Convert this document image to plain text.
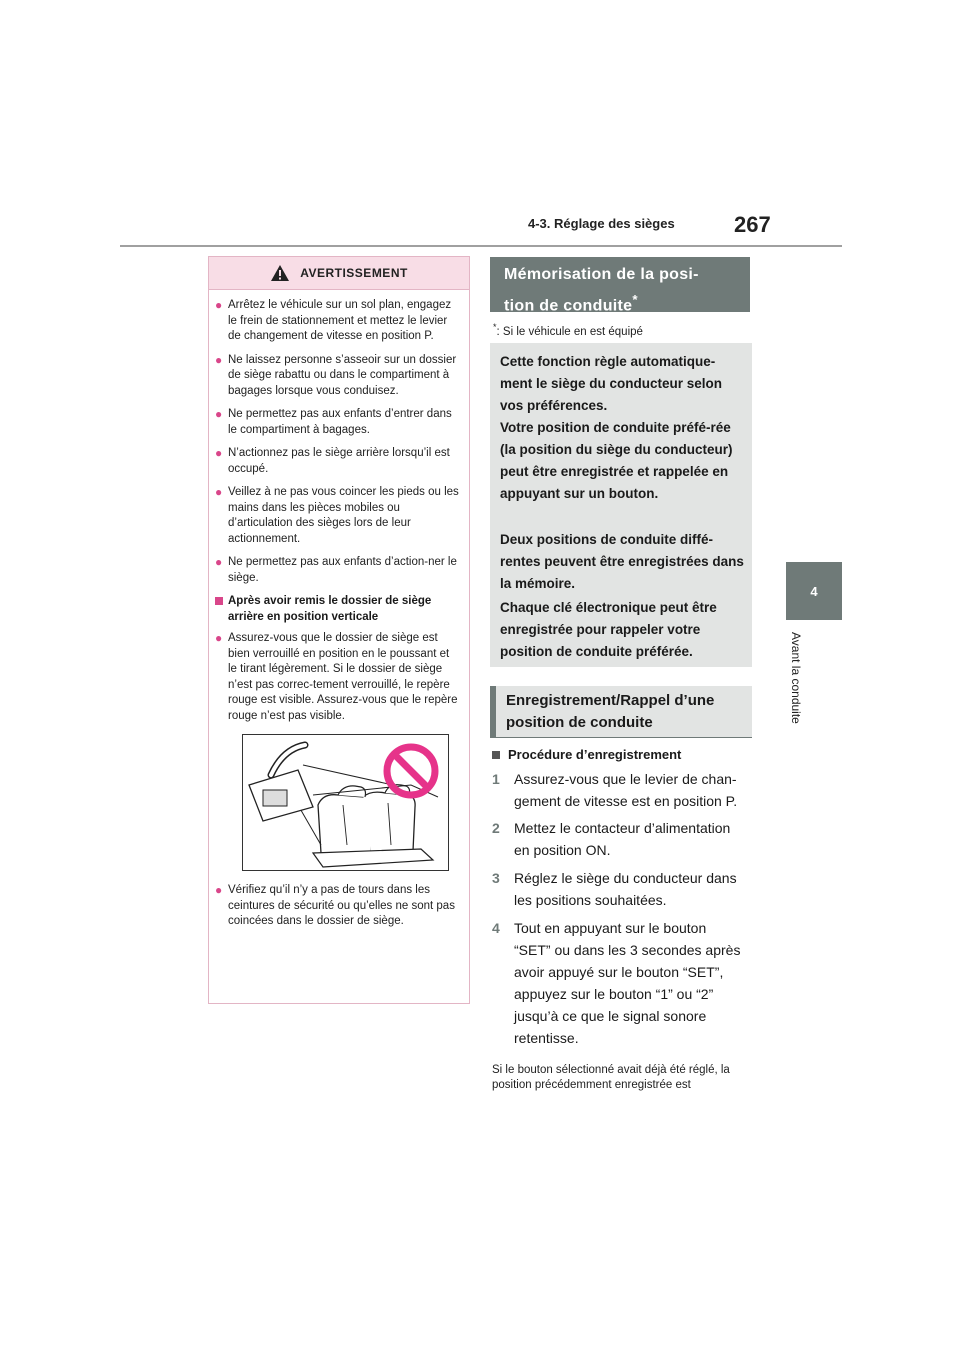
4-3. Réglage des sièges	267
4
Avant la conduite
AVERTISSEMENT
● Arrêtez le véhicule sur un sol plan, engagez le frein de stationnement et mettez le levier de changement de vitesse en position P.
● Ne laissez personne s’asseoir sur un dossier de siège rabattu ou dans le compartiment à bagages lorsque vous conduisez.
● Ne permettez pas aux enfants d’entrer dans le compartiment à bagages.
● N’actionnez pas le siège arrière lorsqu’il est occupé.
● Veillez à ne pas vous coincer les pieds ou les mains dans les pièces mobiles ou d’articulation des sièges lors de leur actionnement.
● Ne permettez pas aux enfants d’action-ner le siège.
Après avoir remis le dossier de siège arrière en position verticale
● Assurez-vous que le dossier de siège est bien verrouillé en position en le poussant et le tirant légèrement. Si le dossier de siège n’est pas correc-tement verrouillé, le repère rouge est visible. Assurez-vous que le repère rouge n’est pas visible.
● Vérifiez qu’il n’y a pas de tours dans les ceintures de sécurité ou qu’elles ne sont pas coincées dans le dossier de siège.
Mémorisation de la posi-
tion de conduite*
*: Si le véhicule en est équipé

Cette fonction règle automatique-ment le siège du conducteur selon vos préférences.

Votre position de conduite préfé-rée (la position du siège du conducteur) peut être enregistrée et rappelée en appuyant sur un bouton.

Deux positions de conduite diffé-rentes peuvent être enregistrées dans la mémoire.

Chaque clé électronique peut être enregistrée pour rappeler votre position de conduite préférée.

Enregistrement/Rappel d’une
position de conduite
Procédure d’enregistrement
1	Assurez-vous que le levier de chan-gement de vitesse est en position P.
2	Mettez le contacteur d’alimentation en position ON.
3	Réglez le siège du conducteur dans les positions souhaitées.
4	Tout en appuyant sur le bouton “SET” ou dans les 3 secondes après avoir appuyé sur le bouton “SET”, appuyez sur le bouton “1” ou “2” jusqu’à ce que le signal sonore retentisse.
Si le bouton sélectionné avait déjà été réglé, la position précédemment enregistrée est
